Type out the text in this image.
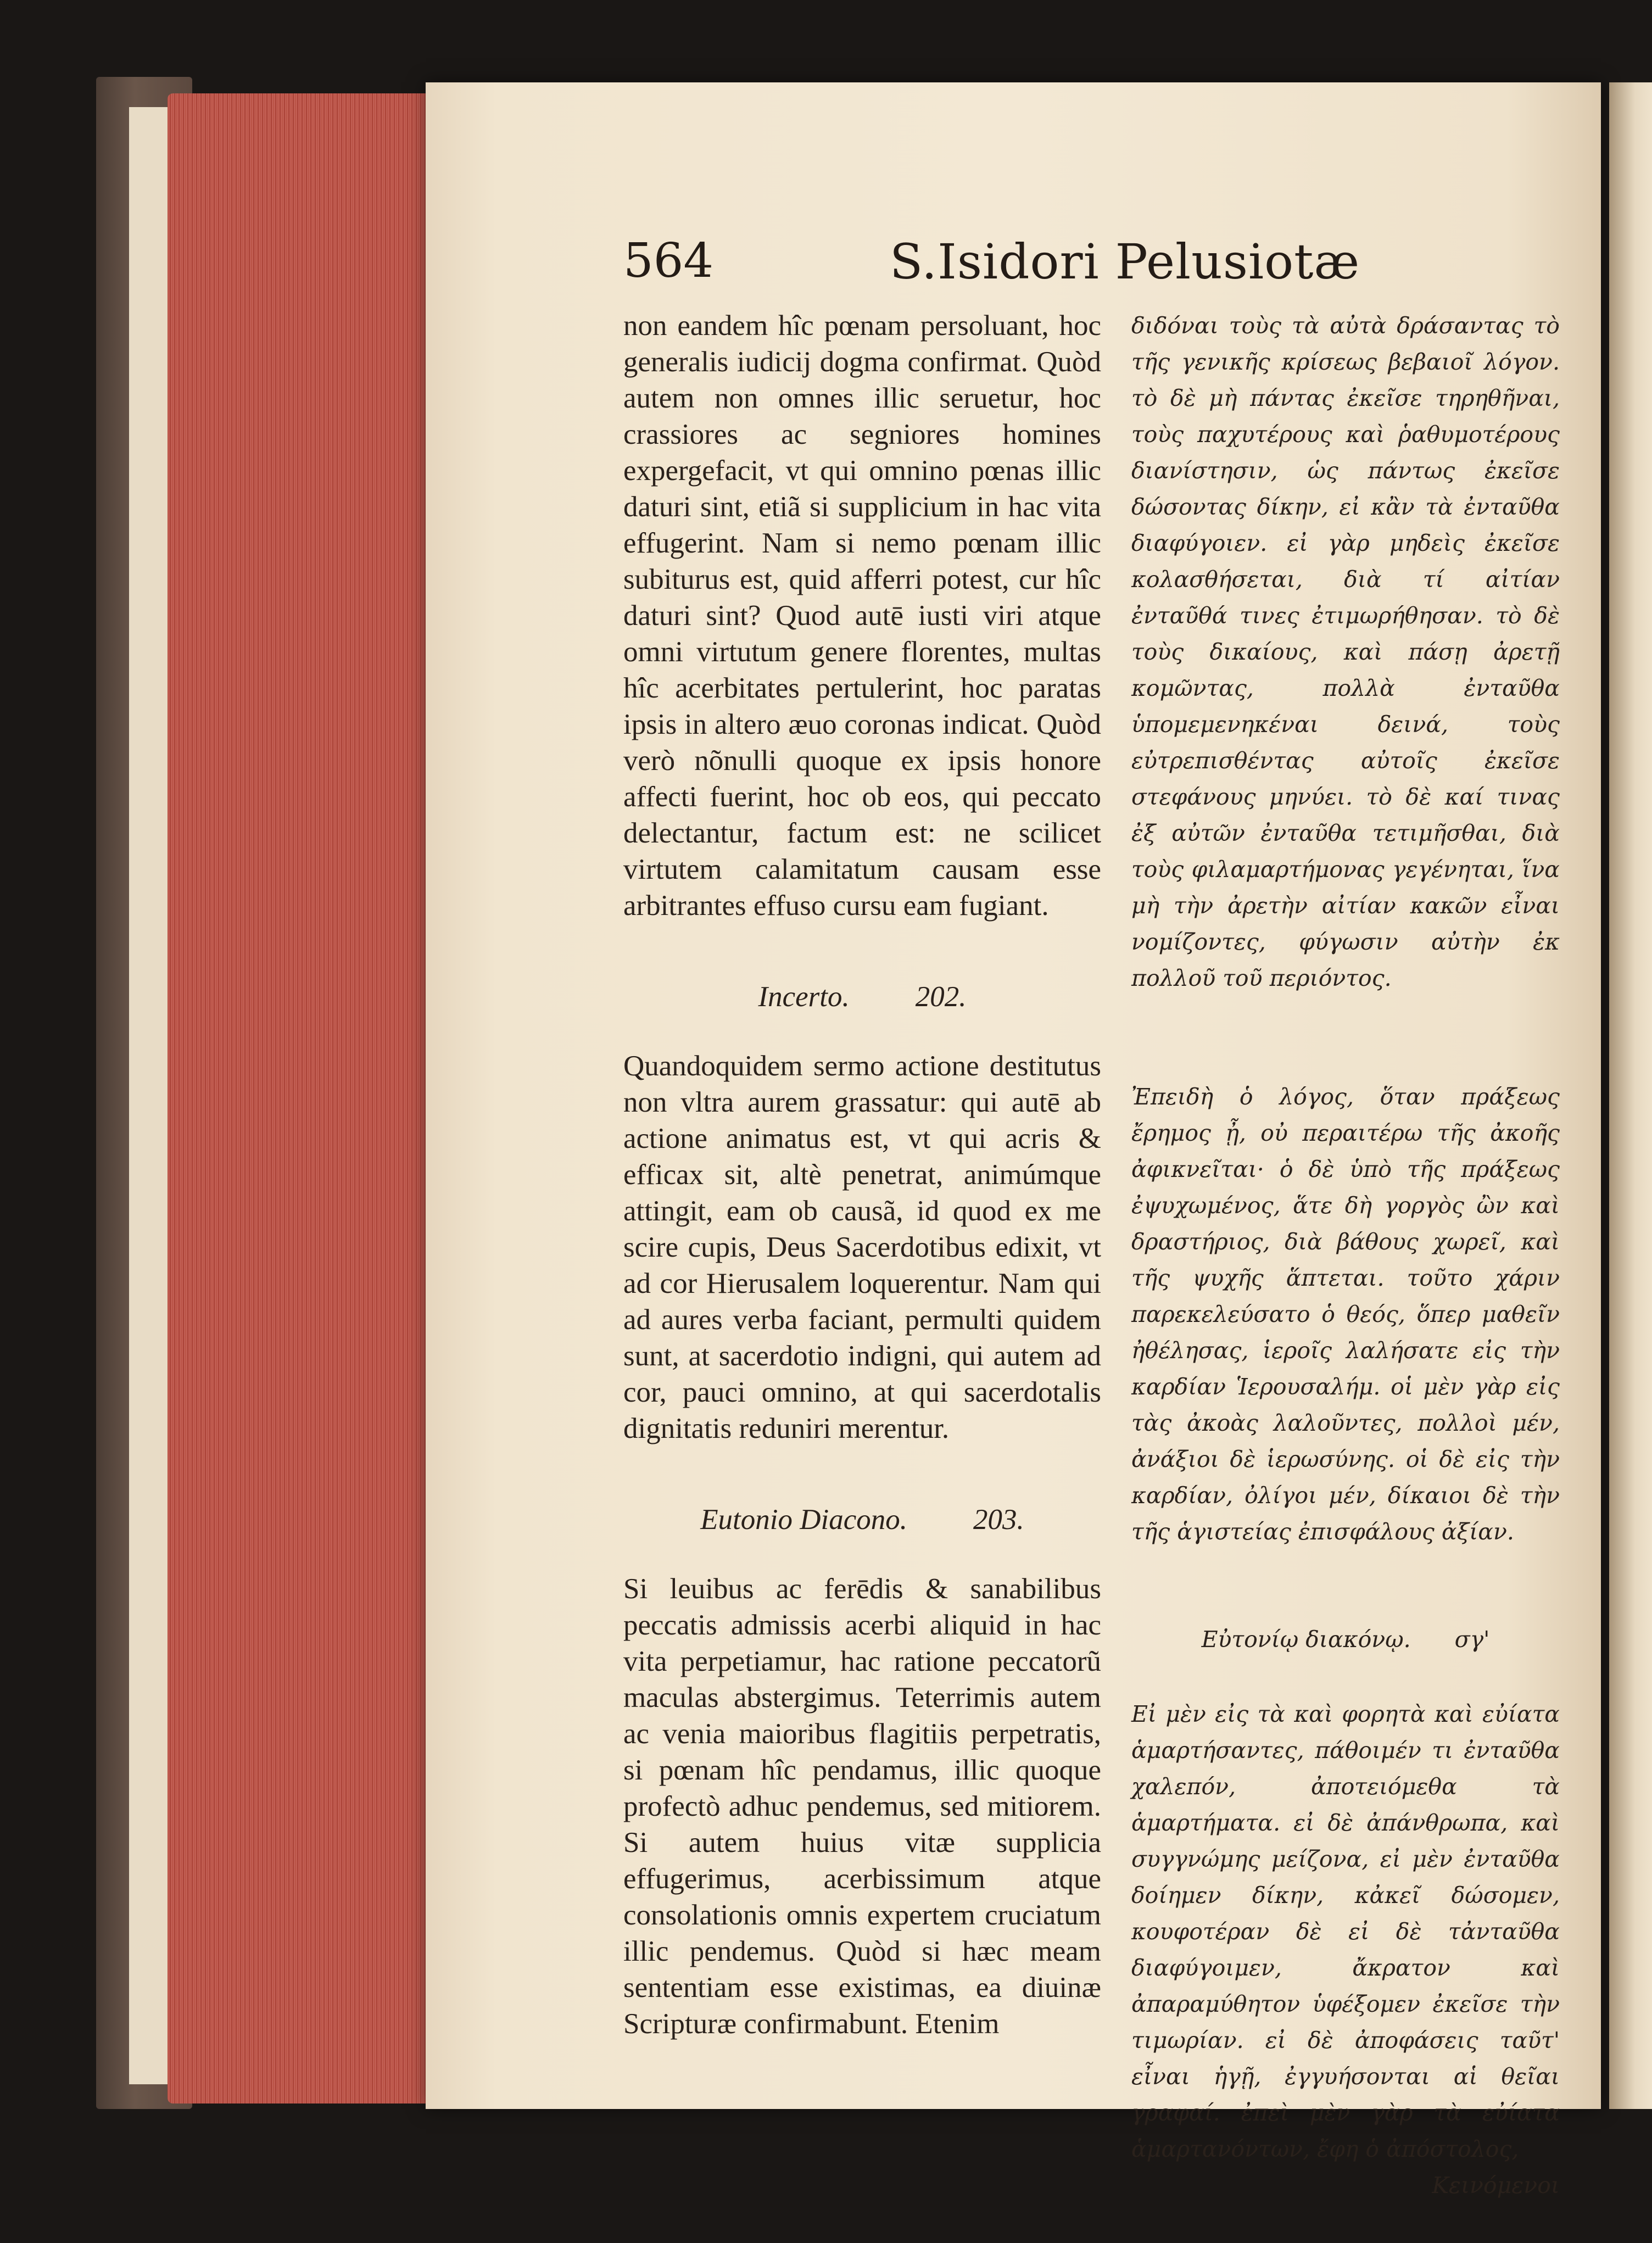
564	S.Isidori Pelusiotæ

non eandem hîc pœnam persoluant, hoc generalis iudicij dogma confirmat. Quòd autem non omnes illic seruetur, hoc crassiores ac segniores homines expergefacit, vt qui omnino pœnas illic daturi sint, etiã si supplicium in hac vita effugerint. Nam si nemo pœnam illic subiturus est, quid afferri potest, cur hîc daturi sint? Quod autē iusti viri atque omni virtutum genere florentes, multas hîc acerbitates pertulerint, hoc paratas ipsis in altero æuo coronas indicat. Quòd verò nõnulli quoque ex ipsis honore affecti fuerint, hoc ob eos, qui peccato delectantur, factum est: ne scilicet virtutem calamitatum causam esse arbitrantes effuso cursu eam fugiant.

Incerto. 202.

Quandoquidem sermo actione destitutus non vltra aurem grassatur: qui autē ab actione animatus est, vt qui acris & efficax sit, altè penetrat, animúmque attingit, eam ob causã, id quod ex me scire cupis, Deus Sacerdotibus edixit, vt ad cor Hierusalem loquerentur. Nam qui ad aures verba faciant, permulti quidem sunt, at sacerdotio indigni, qui autem ad cor, pauci omnino, at qui sacerdotalis dignitatis reduniri merentur.

Eutonio Diacono. 203.

Si leuibus ac ferēdis & sanabilibus peccatis admissis acerbi aliquid in hac vita perpetiamur, hac ratione peccatorũ maculas abstergimus. Teterrimis autem ac venia maioribus flagitiis perpetratis, si pœnam hîc pendamus, illic quoque profectò adhuc pendemus, sed mitiorem. Si autem huius vitæ supplicia effugerimus, acerbissimum atque consolationis omnis expertem cruciatum illic pendemus. Quòd si hæc meam sententiam esse existimas, ea diuinæ Scripturæ confirmabunt. Etenim

διδόναι τοὺς τὰ αὐτὰ δράσαντας τὸ τῆς γενικῆς κρίσεως βεβαιοῖ λόγον. τὸ δὲ μὴ πάντας ἐκεῖσε τηρηθῆναι, τοὺς παχυτέρους καὶ ῥαθυμοτέρους διανίστησιν, ὡς πάντως ἐκεῖσε δώσοντας δίκην, εἰ κἂν τὰ ἐνταῦθα διαφύγοιεν. εἰ γὰρ μηδεὶς ἐκεῖσε κολασθήσεται, διὰ τί αἰτίαν ἐνταῦθά τινες ἐτιμωρήθησαν. τὸ δὲ τοὺς δικαίους, καὶ πάσῃ ἀρετῇ κομῶντας, πολλὰ ἐνταῦθα ὑπομεμενηκέναι δεινά, τοὺς εὐτρεπισθέντας αὐτοῖς ἐκεῖσε στεφάνους μηνύει. τὸ δὲ καί τινας ἐξ αὐτῶν ἐνταῦθα τετιμῆσθαι, διὰ τοὺς φιλαμαρτήμονας γεγένηται, ἵνα μὴ τὴν ἀρετὴν αἰτίαν κακῶν εἶναι νομίζοντες, φύγωσιν αὐτὴν ἐκ πολλοῦ τοῦ περιόντος.

Ἐπειδὴ ὁ λόγος, ὅταν πράξεως ἔρημος ᾖ, οὐ περαιτέρω τῆς ἀκοῆς ἀφικνεῖται· ὁ δὲ ὑπὸ τῆς πράξεως ἐψυχωμένος, ἅτε δὴ γοργὸς ὢν καὶ δραστήριος, διὰ βάθους χωρεῖ, καὶ τῆς ψυχῆς ἅπτεται. τοῦτο χάριν παρεκελεύσατο ὁ θεός, ὅπερ μαθεῖν ἠθέλησας, ἱεροῖς λαλήσατε εἰς τὴν καρδίαν Ἱερουσαλήμ. οἱ μὲν γὰρ εἰς τὰς ἀκοὰς λαλοῦντες, πολλοὶ μέν, ἀνάξιοι δὲ ἱερωσύνης. οἱ δὲ εἰς τὴν καρδίαν, ὀλίγοι μέν, δίκαιοι δὲ τὴν τῆς ἁγιστείας ἐπισφάλους ἀξίαν.

Εὐτονίῳ διακόνῳ. σγ'

Εἰ μὲν εἰς τὰ καὶ φορητὰ καὶ εὐίατα ἁμαρτήσαντες, πάθοιμέν τι ἐνταῦθα χαλεπόν, ἀποτειόμεθα τὰ ἁμαρτήματα. εἰ δὲ ἀπάνθρωπα, καὶ συγγνώμης μείζονα, εἰ μὲν ἐνταῦθα δοίημεν δίκην, κἀκεῖ δώσομεν, κουφοτέραν δὲ εἰ δὲ τἀνταῦθα διαφύγοιμεν, ἄκρατον καὶ ἀπαραμύθητον ὑφέξομεν ἐκεῖσε τὴν τιμωρίαν. εἰ δὲ ἀποφάσεις ταῦτ' εἶναι ἡγῇ, ἐγγυήσονται αἱ θεῖαι γραφαί. ἐπεὶ μὲν γὰρ τὰ εὐίατα ἁμαρτανόντων, ἔφη ὁ ἀπόστολος,

Κεινόμενοι
